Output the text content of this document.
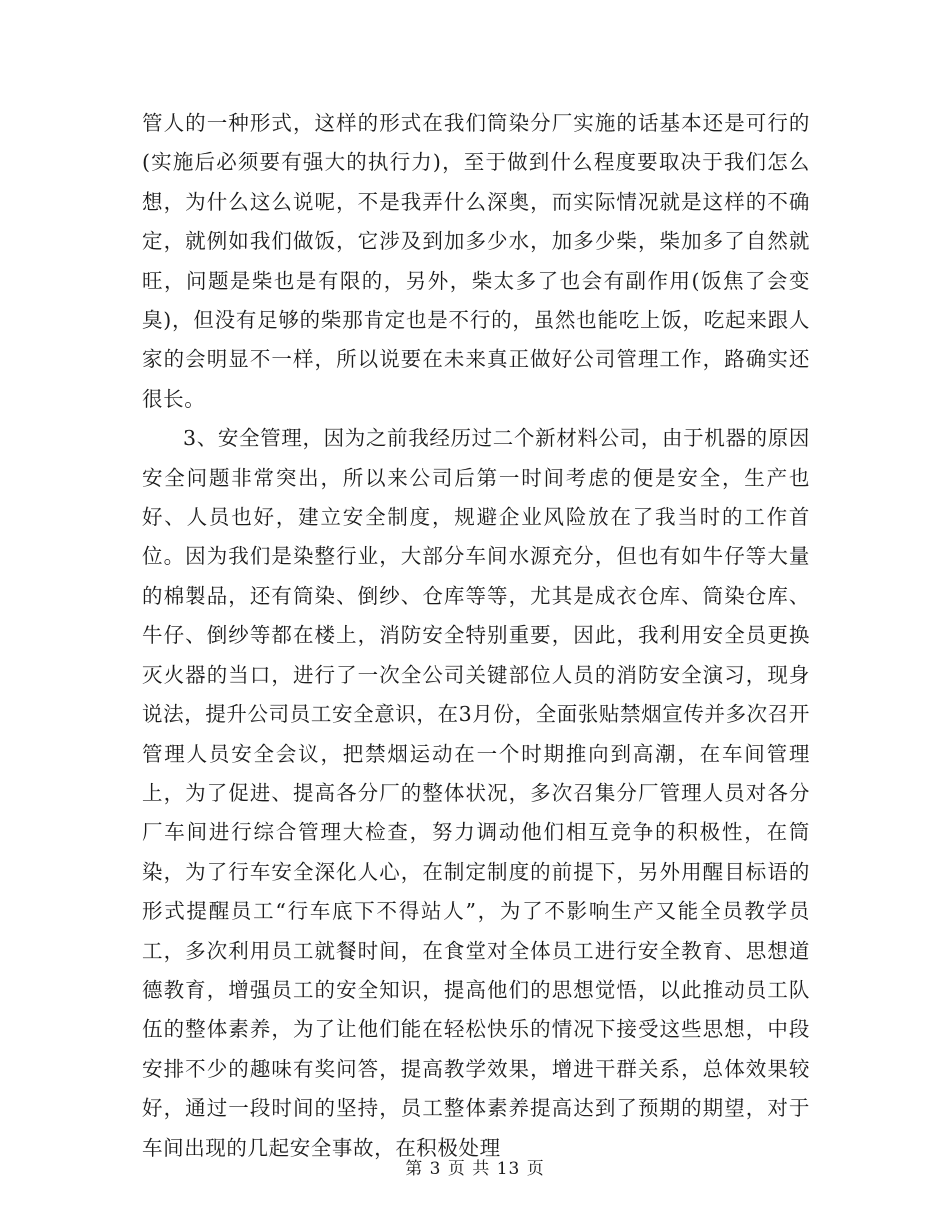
管人的一种形式，这样的形式在我们筒染分厂实施的话基本还是可行的(实施后必须要有强大的执行力)，至于做到什么程度要取决于我们怎么想，为什么这么说呢，不是我弄什么深奥，而实际情况就是这样的不确定，就例如我们做饭，它涉及到加多少水，加多少柴，柴加多了自然就旺，问题是柴也是有限的，另外，柴太多了也会有副作用(饭焦了会变臭)，但没有足够的柴那肯定也是不行的，虽然也能吃上饭，吃起来跟人家的会明显不一样，所以说要在未来真正做好公司管理工作，路确实还很长。

3、安全管理，因为之前我经历过二个新材料公司，由于机器的原因安全问题非常突出，所以来公司后第一时间考虑的便是安全，生产也好、人员也好，建立安全制度，规避企业风险放在了我当时的工作首位。因为我们是染整行业，大部分车间水源充分，但也有如牛仔等大量的棉製品，还有筒染、倒纱、仓库等等，尤其是成衣仓库、筒染仓库、牛仔、倒纱等都在楼上，消防安全特别重要，因此，我利用安全员更换灭火器的当口，进行了一次全公司关键部位人员的消防安全演习，现身说法，提升公司员工安全意识，在3月份，全面张贴禁烟宣传并多次召开管理人员安全会议，把禁烟运动在一个时期推向到高潮，在车间管理上，为了促进、提高各分厂的整体状况，多次召集分厂管理人员对各分厂车间进行综合管理大检查，努力调动他们相互竞争的积极性，在筒染，为了行车安全深化人心，在制定制度的前提下，另外用醒目标语的形式提醒员工“行车底下不得站人”，为了不影响生产又能全员教学员工，多次利用员工就餐时间，在食堂对全体员工进行安全教育、思想道德教育，增强员工的安全知识，提高他们的思想觉悟，以此推动员工队伍的整体素养，为了让他们能在轻松快乐的情况下接受这些思想，中段安排不少的趣味有奖问答，提高教学效果，增进干群关系，总体效果较好，通过一段时间的坚持，员工整体素养提高达到了预期的期望，对于车间出现的几起安全事故，在积极处理

第 3 页 共 13 页
